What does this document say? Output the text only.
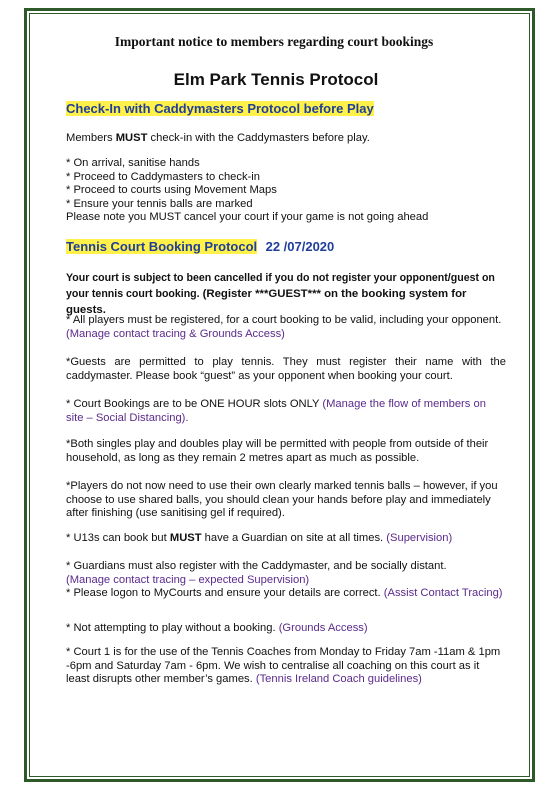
Important notice to members regarding court bookings

Elm Park Tennis Protocol

Check-In with Caddymasters Protocol before Play

Members MUST check-in with the Caddymasters before play.

* On arrival, sanitise hands

* Proceed to Caddymasters to check-in

* Proceed to courts using Movement Maps

* Ensure your tennis balls are marked

Please note you MUST cancel your court if your game is not going ahead

Tennis Court Booking Protocol 22 /07/2020

Your court is subject to been cancelled if you do not register your opponent/guest on your tennis court booking. (Register ***GUEST*** on the booking system for guests.

* All players must be registered, for a court booking to be valid, including your opponent. (Manage contact tracing & Grounds Access)

*Guests are permitted to play tennis. They must register their name with the caddymaster. Please book “guest” as your opponent when booking your court.

* Court Bookings are to be ONE HOUR slots ONLY (Manage the flow of members on site – Social Distancing).

*Both singles play and doubles play will be permitted with people from outside of their household, as long as they remain 2 metres apart as much as possible.

*Players do not now need to use their own clearly marked tennis balls – however, if you choose to use shared balls, you should clean your hands before play and immediately after finishing (use sanitising gel if required).

* U13s can book but MUST have a Guardian on site at all times. (Supervision)

* Guardians must also register with the Caddymaster, and be socially distant.

(Manage contact tracing – expected Supervision)

* Please logon to MyCourts and ensure your details are correct. (Assist Contact Tracing)

* Not attempting to play without a booking. (Grounds Access)

* Court 1 is for the use of the Tennis Coaches from Monday to Friday 7am -11am & 1pm -6pm and Saturday 7am - 6pm. We wish to centralise all coaching on this court as it least disrupts other member’s games. (Tennis Ireland Coach guidelines)
